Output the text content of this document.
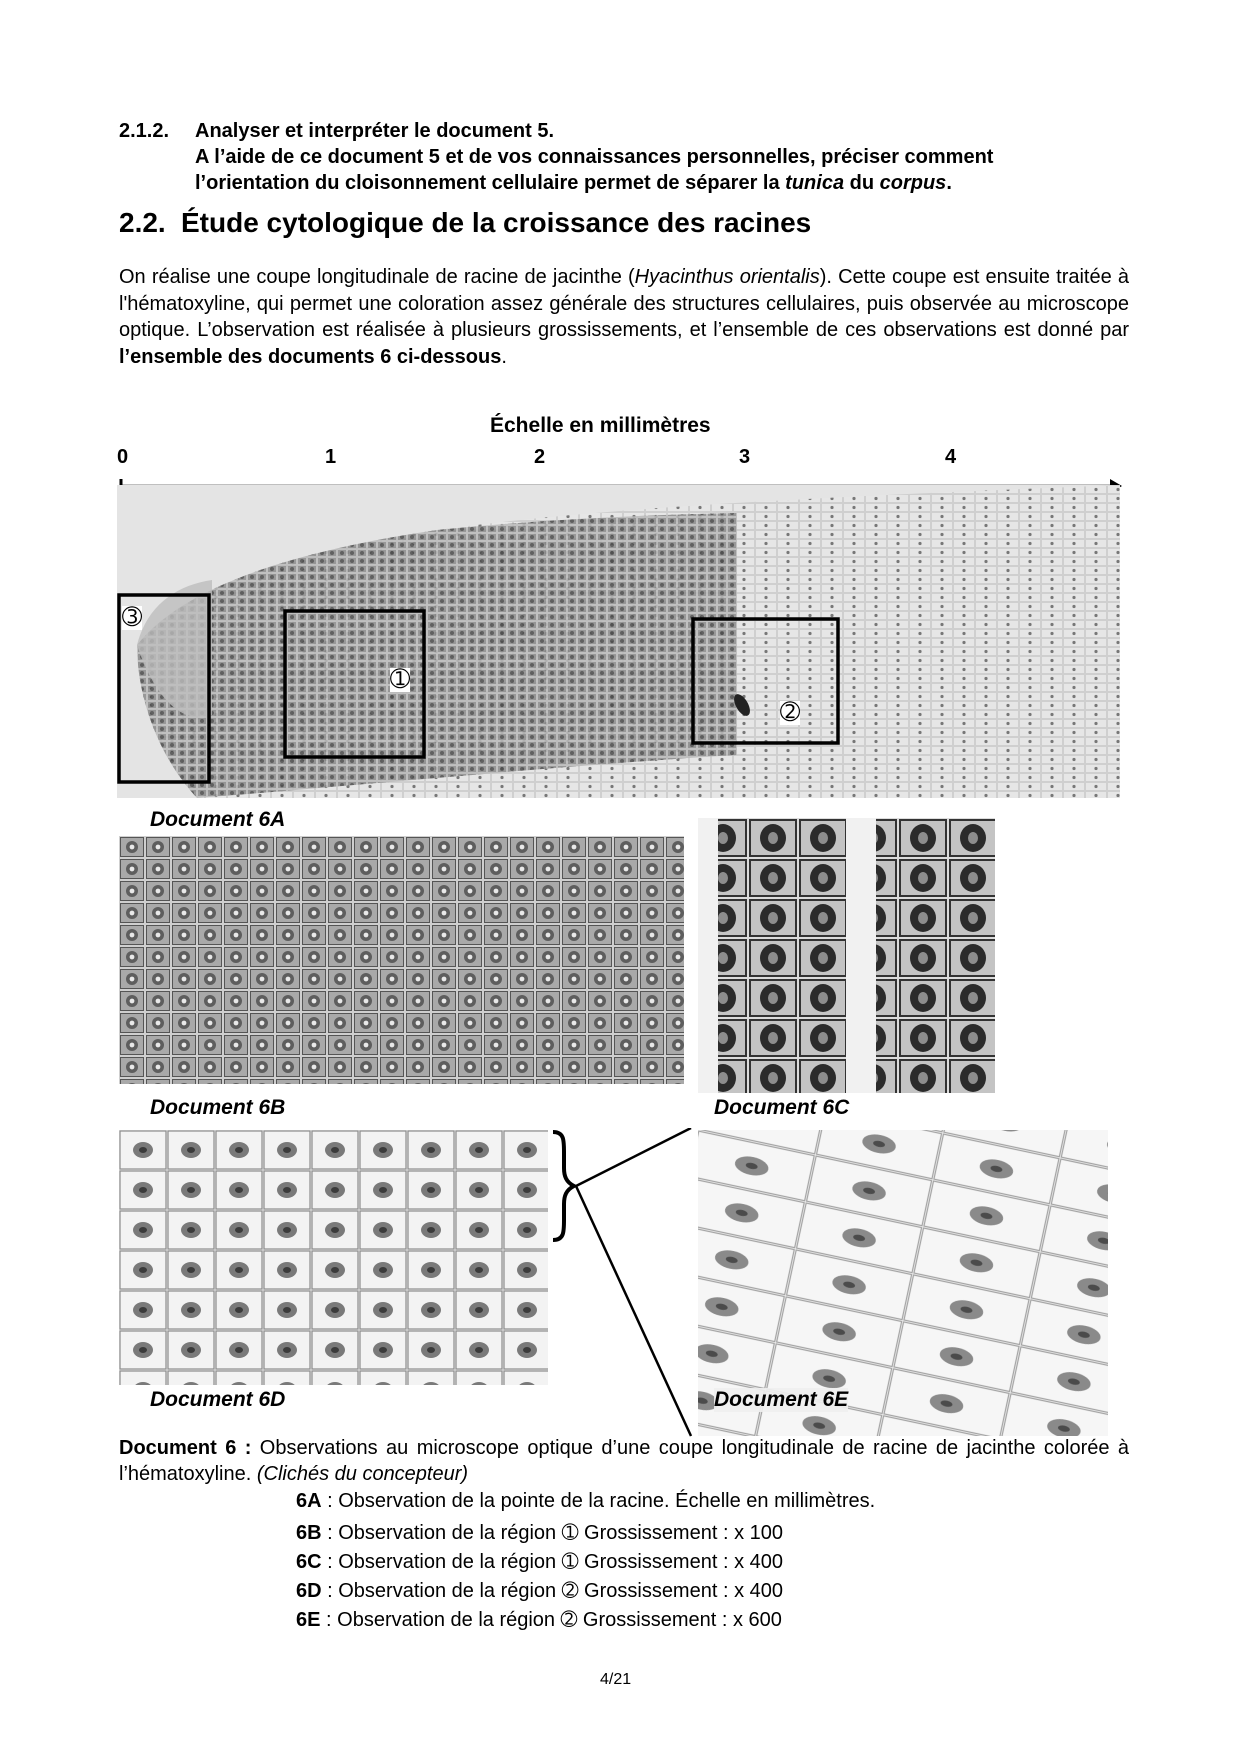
2.1.2. Analyser et interpréter le document 5.
A l’aide de ce document 5 et de vos connaissances personnelles, préciser comment
l’orientation du cloisonnement cellulaire permet de séparer la tunica du corpus.
2.2. Étude cytologique de la croissance des racines
On réalise une coupe longitudinale de racine de jacinthe (Hyacinthus orientalis). Cette coupe est ensuite traitée à l'hématoxyline, qui permet une coloration assez générale des structures cellulaires, puis observée au microscope optique. L’observation est réalisée à plusieurs grossissements, et l’ensemble de ces observations est donné par l’ensemble des documents 6 ci-dessous.
Échelle en millimètres
0	1	2	3	4
➂
➀
➁
Document 6A
Document 6B	Document 6C
Document 6D	Document 6E
Document 6 : Observations au microscope optique d’une coupe longitudinale de racine de jacinthe colorée à l’hématoxyline. (Clichés du concepteur)
6A : Observation de la pointe de la racine. Échelle en millimètres.
6B : Observation de la région ➀ Grossissement : x 100
6C : Observation de la région ➀ Grossissement : x 400
6D : Observation de la région ➁ Grossissement : x 400
6E : Observation de la région ➁ Grossissement : x 600
4/21
